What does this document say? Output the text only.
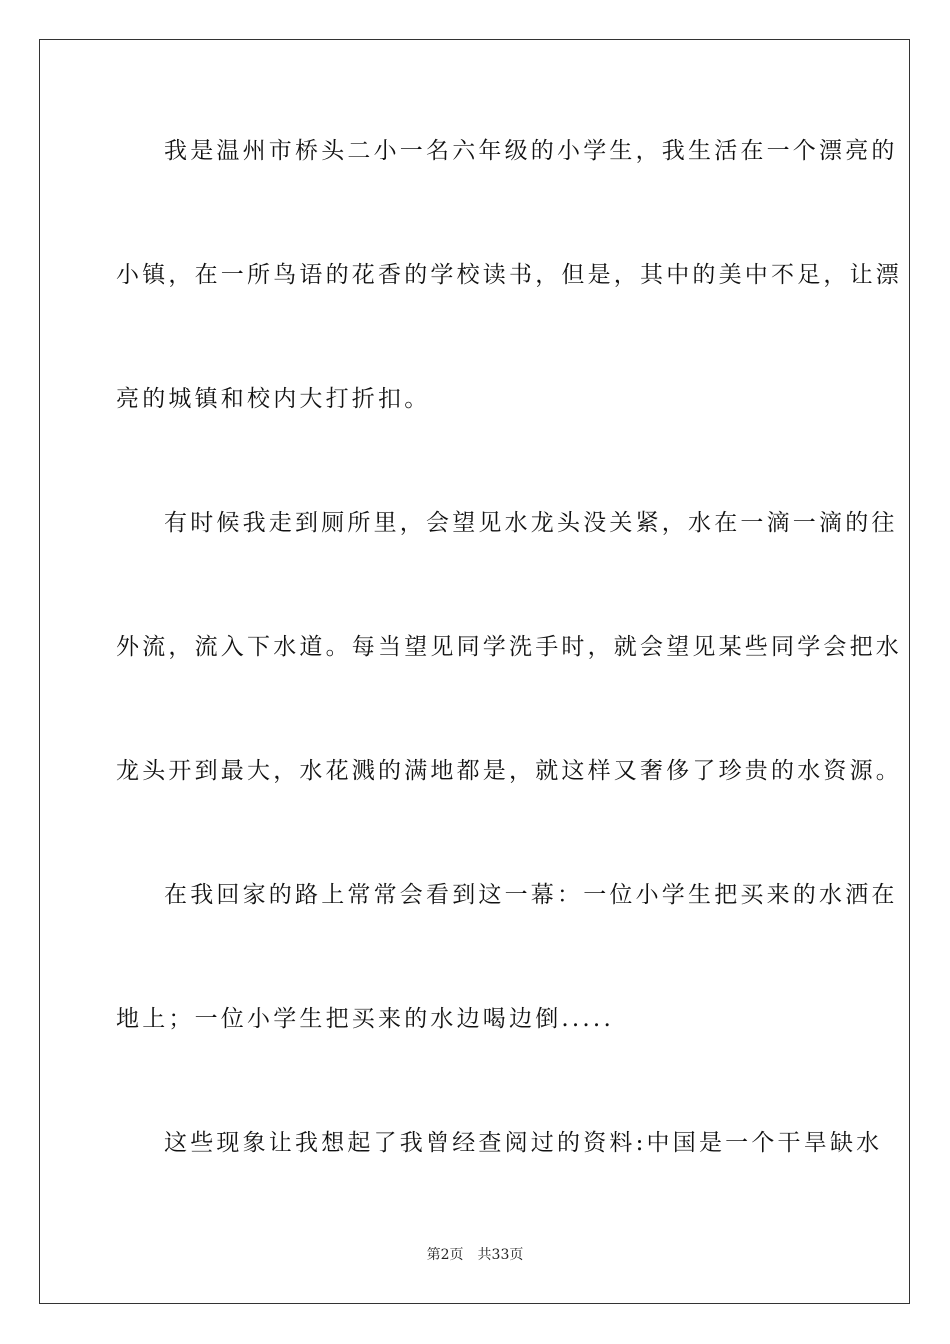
我是温州市桥头二小一名六年级的小学生，我生活在一个漂亮的
小镇，在一所鸟语的花香的学校读书，但是，其中的美中不足，让漂
亮的城镇和校内大打折扣。
有时候我走到厕所里，会望见水龙头没关紧，水在一滴一滴的往
外流，流入下水道。每当望见同学洗手时，就会望见某些同学会把水
龙头开到最大，水花溅的满地都是，就这样又奢侈了珍贵的水资源。
在我回家的路上常常会看到这一幕：一位小学生把买来的水洒在
地上；一位小学生把买来的水边喝边倒.....
这些现象让我想起了我曾经查阅过的资料:中国是一个干旱缺水
第2页 共33页
